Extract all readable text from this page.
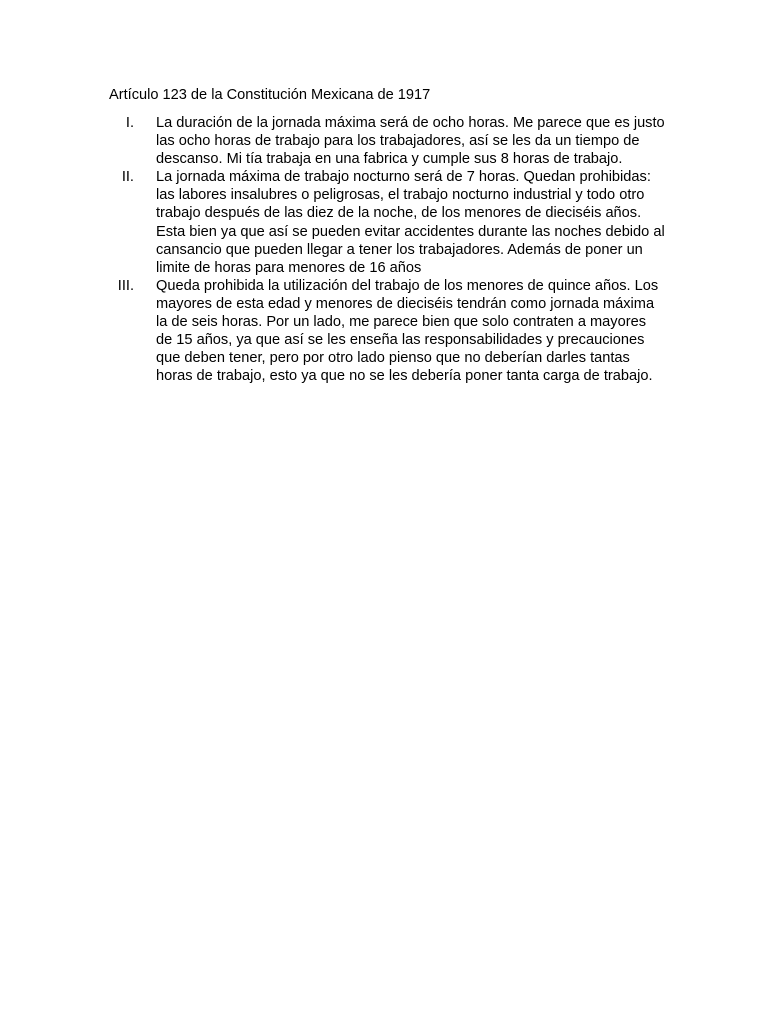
Artículo 123 de la Constitución Mexicana de 1917
I. La duración de la jornada máxima será de ocho horas. Me parece que es justo las ocho horas de trabajo para los trabajadores, así se les da un tiempo de descanso. Mi tía trabaja en una fabrica y cumple sus 8 horas de trabajo.
II. La jornada máxima de trabajo nocturno será de 7 horas. Quedan prohibidas: las labores insalubres o peligrosas, el trabajo nocturno industrial y todo otro trabajo después de las diez de la noche, de los menores de dieciséis años. Esta bien ya que así se pueden evitar accidentes durante las noches debido al cansancio que pueden llegar a tener los trabajadores. Además de poner un limite de horas para menores de 16 años
III. Queda prohibida la utilización del trabajo de los menores de quince años. Los mayores de esta edad y menores de dieciséis tendrán como jornada máxima la de seis horas. Por un lado, me parece bien que solo contraten a mayores de 15 años, ya que así se les enseña las responsabilidades y precauciones que deben tener, pero por otro lado pienso que no deberían darles tantas horas de trabajo, esto ya que no se les debería poner tanta carga de trabajo.
